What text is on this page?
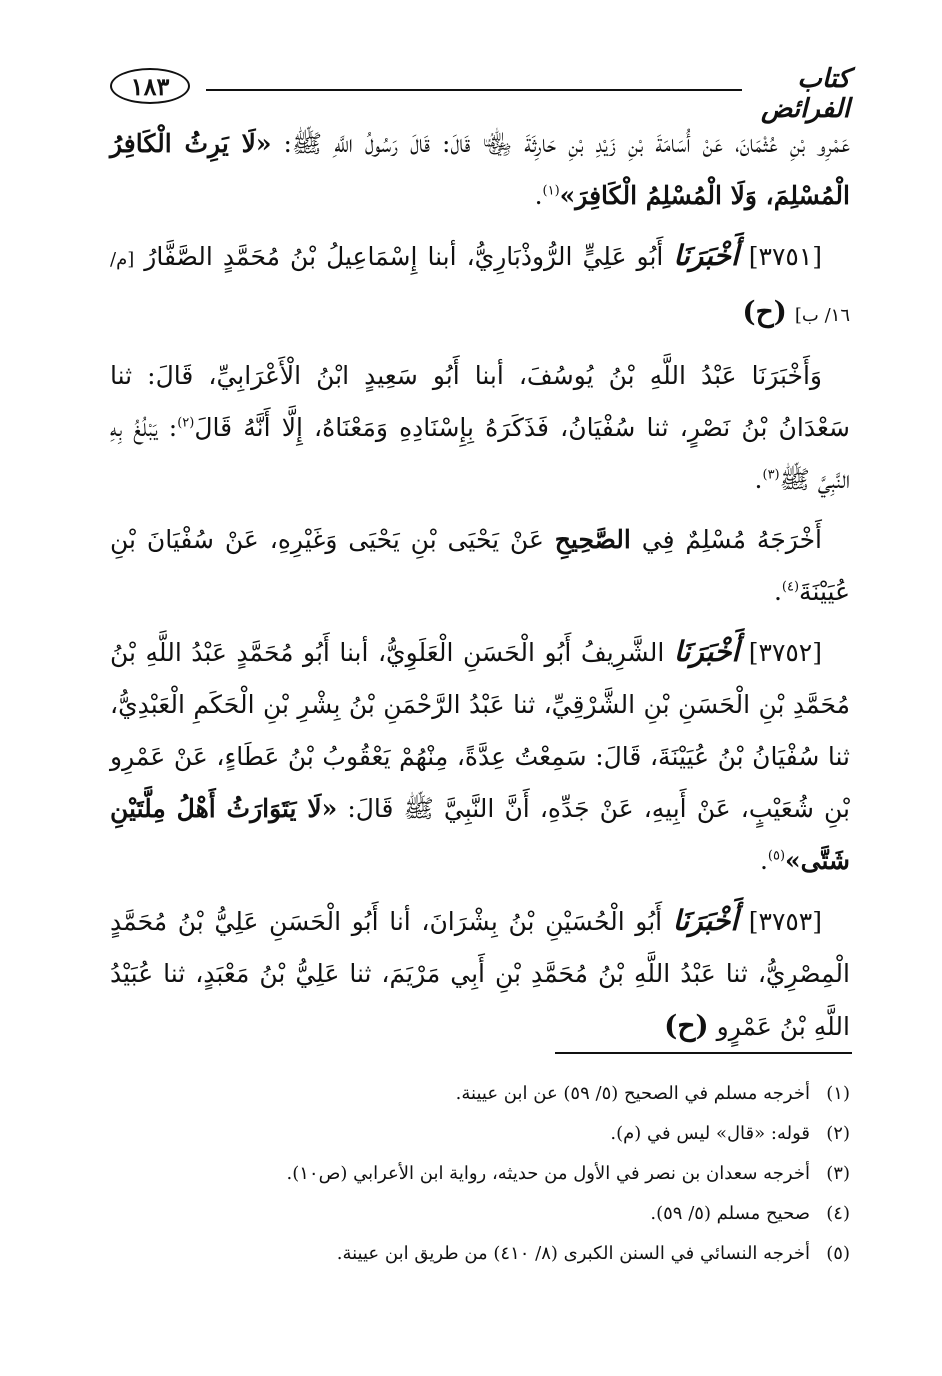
١٨٣	كتاب الفرائض

عَمْرِو بْنِ عُثْمَانَ، عَنْ أُسَامَةَ بْنِ زَيْدِ بْنِ حَارِثَةَ ﵄ قَالَ: قَالَ رَسُولُ اللَّهِ ﷺ: «لَا يَرِثُ الْكَافِرُ الْمُسْلِمَ، وَلَا الْمُسْلِمُ الْكَافِرَ»$^{(١)}$.

[٣٧٥١] أَخْبَرَنَا أَبُو عَلِيٍّ الرُّوذْبَارِيُّ، أبنا إِسْمَاعِيلُ بْنُ مُحَمَّدٍ الصَّفَّارُ [م/ ١٦/ ب] (ح)

وَأَخْبَرَنَا عَبْدُ اللَّهِ بْنُ يُوسُفَ، أبنا أَبُو سَعِيدٍ ابْنُ الْأَعْرَابِيِّ، قَالَ: ثنا سَعْدَانُ بْنُ نَصْرٍ، ثنا سُفْيَانُ، فَذَكَرَهُ بِإِسْنَادِهِ وَمَعْنَاهُ، إِلَّا أَنَّهُ قَالَ$^{(٢)}$: يَبْلُغُ بِهِ النَّبِيَّ ﷺ$^{(٣)}$.

أَخْرَجَهُ مُسْلِمٌ فِي الصَّحِيحِ عَنْ يَحْيَى بْنِ يَحْيَى وَغَيْرِهِ، عَنْ سُفْيَانَ بْنِ عُيَيْنَةَ$^{(٤)}$.

[٣٧٥٢] أَخْبَرَنَا الشَّرِيفُ أَبُو الْحَسَنِ الْعَلَوِيُّ، أبنا أَبُو مُحَمَّدٍ عَبْدُ اللَّهِ بْنُ مُحَمَّدِ بْنِ الْحَسَنِ بْنِ الشَّرْقِيِّ، ثنا عَبْدُ الرَّحْمَنِ بْنُ بِشْرِ بْنِ الْحَكَمِ الْعَبْدِيُّ، ثنا سُفْيَانُ بْنُ عُيَيْنَةَ، قَالَ: سَمِعْتُ عِدَّةً، مِنْهُمْ يَعْقُوبُ بْنُ عَطَاءٍ، عَنْ عَمْرِو بْنِ شُعَيْبٍ، عَنْ أَبِيهِ، عَنْ جَدِّهِ، أَنَّ النَّبِيَّ ﷺ قَالَ: «لَا يَتَوَارَثُ أَهْلُ مِلَّتَيْنِ شَتَّى»$^{(٥)}$.

[٣٧٥٣] أَخْبَرَنَا أَبُو الْحُسَيْنِ بْنُ بِشْرَانَ، أنا أَبُو الْحَسَنِ عَلِيُّ بْنُ مُحَمَّدٍ الْمِصْرِيُّ، ثنا عَبْدُ اللَّهِ بْنُ مُحَمَّدِ بْنِ أَبِي مَرْيَمَ، ثنا عَلِيُّ بْنُ مَعْبَدٍ، ثنا عُبَيْدُ اللَّهِ بْنُ عَمْرٍو (ح)

(١)
أخرجه مسلم في الصحيح (٥/ ٥٩) عن ابن عيينة.
(٢)
قوله: «قال» ليس في (م).
(٣)
أخرجه سعدان بن نصر في الأول من حديثه، رواية ابن الأعرابي (ص١٠).
(٤)
صحيح مسلم (٥/ ٥٩).
(٥)
أخرجه النسائي في السنن الكبرى (٨/ ٤١٠) من طريق ابن عيينة.
